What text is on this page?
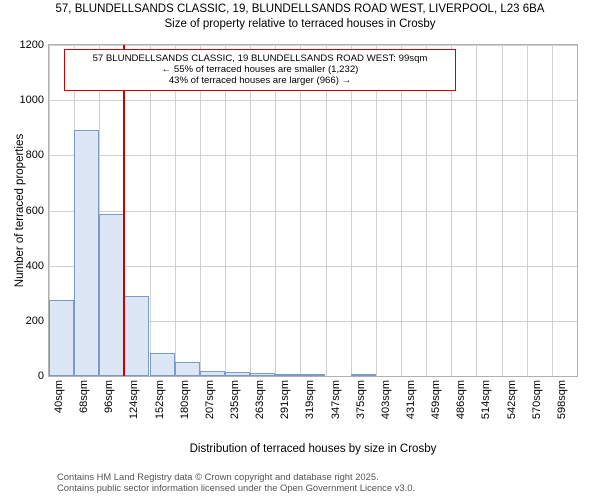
57, BLUNDELLSANDS CLASSIC, 19, BLUNDELLSANDS ROAD WEST, LIVERPOOL, L23 6BA
Size of property relative to terraced houses in Crosby
Number of terraced properties
0
200
400
600
800
1000
1200
40sqm 68sqm 96sqm 124sqm 152sqm 180sqm 207sqm 235sqm 263sqm 291sqm 319sqm 347sqm 375sqm 403sqm 431sqm 459sqm 486sqm 514sqm 542sqm 570sqm 598sqm
Distribution of terraced houses by size in Crosby
57 BLUNDELLSANDS CLASSIC, 19 BLUNDELLSANDS ROAD WEST: 99sqm
← 55% of terraced houses are smaller (1,232)
43% of terraced houses are larger (966) →
Contains HM Land Registry data © Crown copyright and database right 2025.
Contains public sector information licensed under the Open Government Licence v3.0.
